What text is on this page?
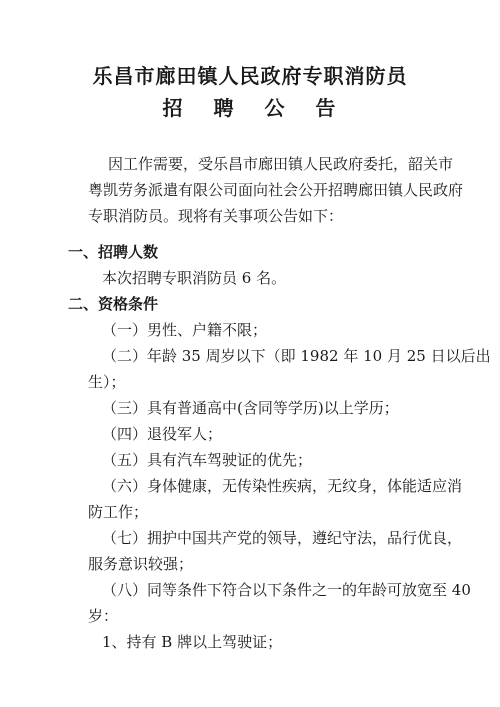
乐昌市廊田镇人民政府专职消防员
招 聘 公 告
因工作需要，受乐昌市廊田镇人民政府委托，韶关市
粤凯劳务派遣有限公司面向社会公开招聘廊田镇人民政府
专职消防员。现将有关事项公告如下：
一、招聘人数
本次招聘专职消防员 6 名。
二、资格条件
（一）男性、户籍不限；
（二）年龄 35 周岁以下（即 1982 年 10 月 25 日以后出
生）；
（三）具有普通高中(含同等学历)以上学历；
（四）退役军人；
（五）具有汽车驾驶证的优先；
（六）身体健康，无传染性疾病，无纹身，体能适应消
防工作；
（七）拥护中国共产党的领导，遵纪守法，品行优良，
服务意识较强；
（八）同等条件下符合以下条件之一的年龄可放宽至 40
岁：
1、持有 B 牌以上驾驶证；
